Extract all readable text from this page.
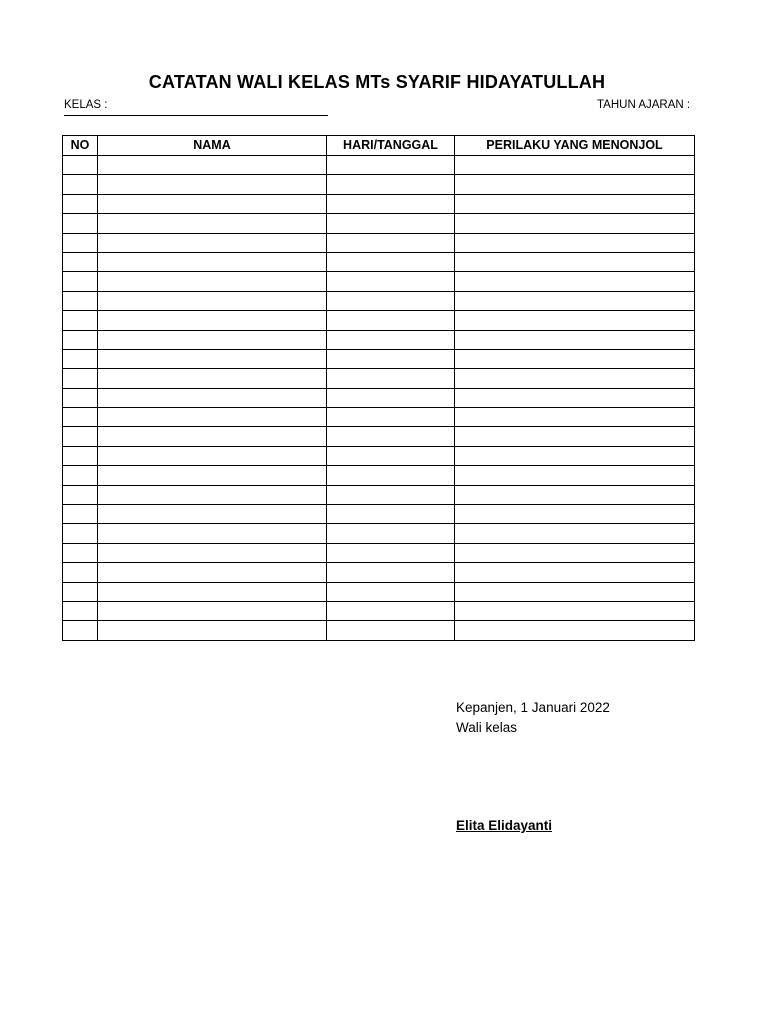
CATATAN WALI KELAS MTs SYARIF HIDAYATULLAH
KELAS :	TAHUN AJARAN :
NO	NAMA	HARI/TANGGAL	PERILAKU YANG MENONJOL

Kepanjen, 1 Januari 2022
Wali kelas
Elita Elidayanti
